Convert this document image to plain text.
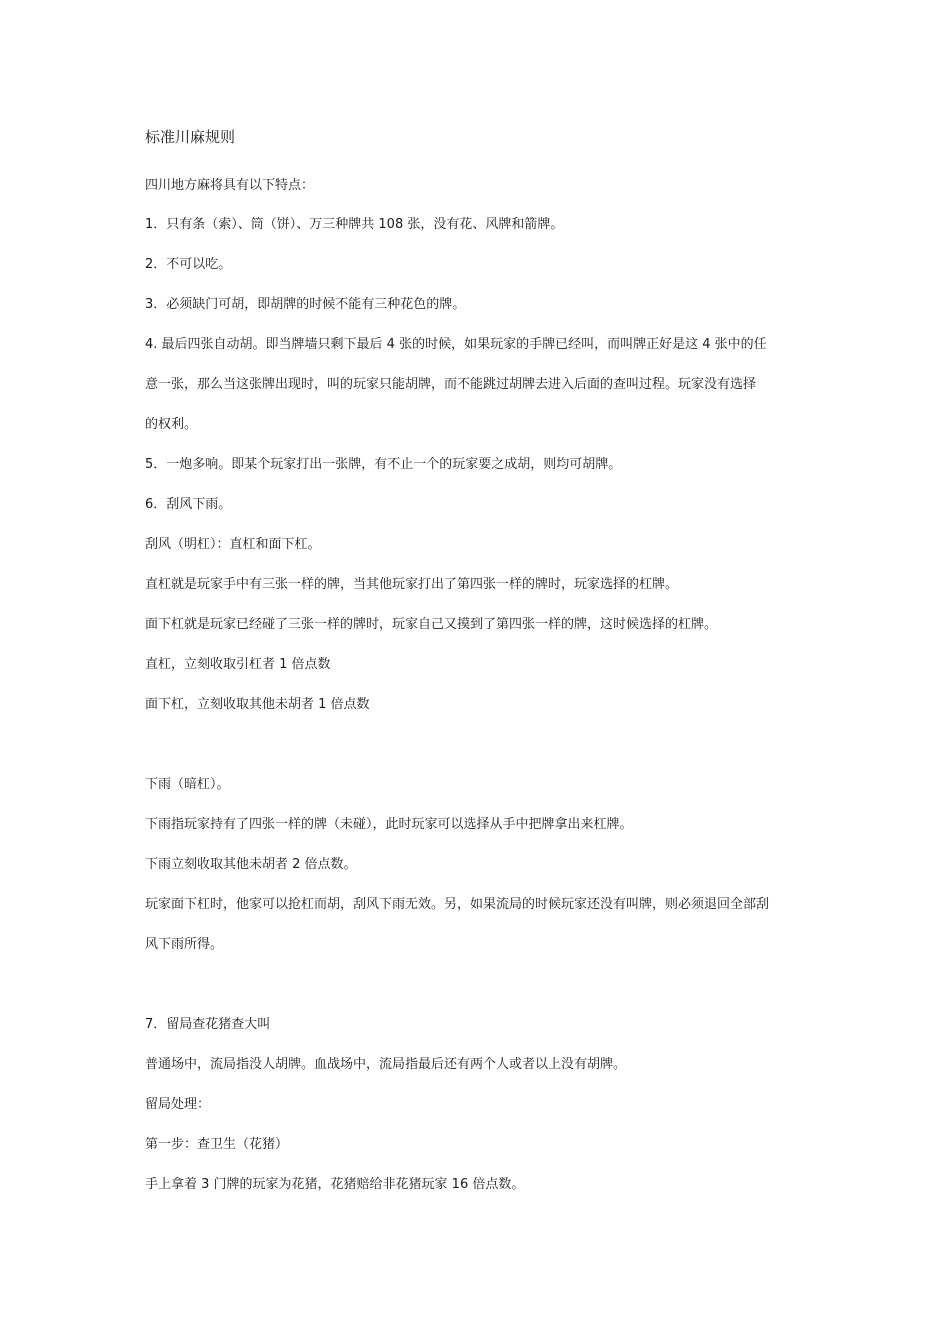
标准川麻规则
四川地方麻将具有以下特点：
1．只有条（索）、筒（饼）、万三种牌共 108 张，没有花、风牌和箭牌。
2．不可以吃。
3．必须缺门可胡，即胡牌的时候不能有三种花色的牌。
4. 最后四张自动胡。即当牌墙只剩下最后 4 张的时候，如果玩家的手牌已经叫，而叫牌正好是这 4 张中的任
意一张，那么当这张牌出现时，叫的玩家只能胡牌，而不能跳过胡牌去进入后面的查叫过程。玩家没有选择
的权利。
5．一炮多响。即某个玩家打出一张牌，有不止一个的玩家要之成胡，则均可胡牌。
6．刮风下雨。
刮风（明杠）：直杠和面下杠。
直杠就是玩家手中有三张一样的牌，当其他玩家打出了第四张一样的牌时，玩家选择的杠牌。
面下杠就是玩家已经碰了三张一样的牌时，玩家自己又摸到了第四张一样的牌，这时候选择的杠牌。
直杠，立刻收取引杠者 1 倍点数
面下杠，立刻收取其他未胡者 1 倍点数
下雨（暗杠）。
下雨指玩家持有了四张一样的牌（未碰），此时玩家可以选择从手中把牌拿出来杠牌。
下雨立刻收取其他未胡者 2 倍点数。
玩家面下杠时，他家可以抢杠而胡，刮风下雨无效。另，如果流局的时候玩家还没有叫牌，则必须退回全部刮
风下雨所得。
7．留局查花猪查大叫
普通场中，流局指没人胡牌。血战场中，流局指最后还有两个人或者以上没有胡牌。
留局处理：
第一步：查卫生（花猪）
手上拿着 3 门牌的玩家为花猪，花猪赔给非花猪玩家 16 倍点数。
